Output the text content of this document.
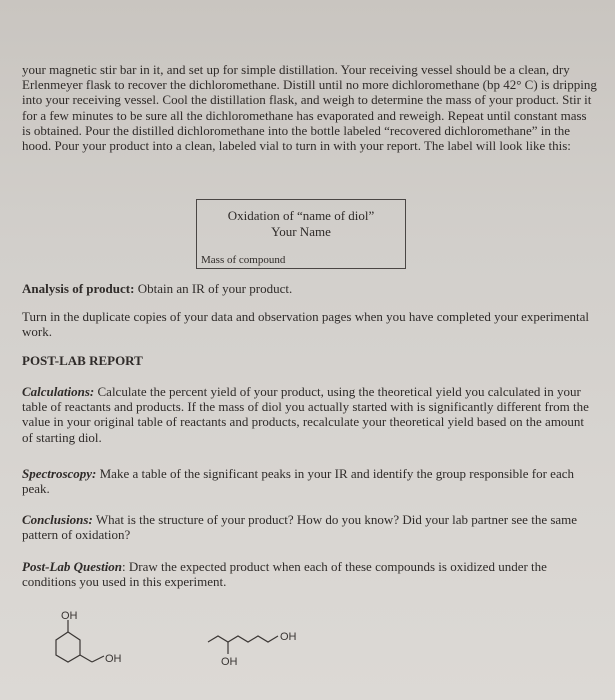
your magnetic stir bar in it, and set up for simple distillation. Your receiving vessel should be a clean, dry Erlenmeyer flask to recover the dichloromethane. Distill until no more dichloromethane (bp 42° C) is dripping into your receiving vessel. Cool the distillation flask, and weigh to determine the mass of your product. Stir it for a few minutes to be sure all the dichloromethane has evaporated and reweigh. Repeat until constant mass is obtained. Pour the distilled dichloromethane into the bottle labeled “recovered dichloromethane” in the hood. Pour your product into a clean, labeled vial to turn in with your report. The label will look like this:

Oxidation of “name of diol”
Your Name
Mass of compound

Analysis of product: Obtain an IR of your product.

Turn in the duplicate copies of your data and observation pages when you have completed your experimental work.

POST-LAB REPORT

Calculations: Calculate the percent yield of your product, using the theoretical yield you calculated in your table of reactants and products. If the mass of diol you actually started with is significantly different from the value in your original table of reactants and products, recalculate your theoretical yield based on the amount of starting diol.

Spectroscopy: Make a table of the significant peaks in your IR and identify the group responsible for each peak.

Conclusions: What is the structure of your product? How do you know? Did your lab partner see the same pattern of oxidation?

Post-Lab Question: Draw the expected product when each of these compounds is oxidized under the conditions you used in this experiment.

OH
OH
OH
OH
